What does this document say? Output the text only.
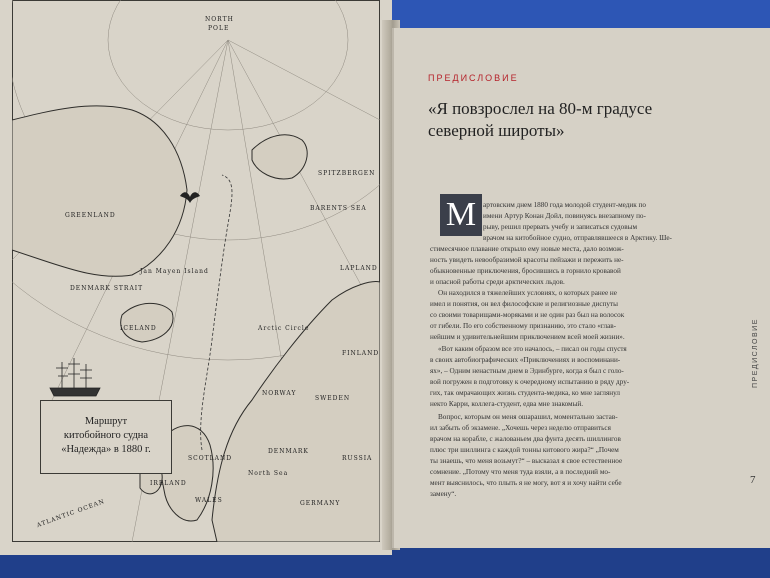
NORTH
POLE
GREENLAND
SPITZBERGEN
BARENTS SEA
LAPLAND
DENMARK STRAIT
ICELAND
Jan Mayen Island
Arctic Circle
FINLAND
NORWAY
SWEDEN
DENMARK
SCOTLAND
IRELAND
WALES
North Sea
GERMANY
RUSSIA
ATLANTIC OCEAN
Маршрут
китобойного судна
«Надежда» в 1880 г.
ПРЕДИСЛОВИЕ
«Я повзрослел на 80-м градусе
северной широты»
М артовским днем 1880 года молодой студент-медик по
имени Артур Конан Дойл, повинуясь внезапному по-
рыву, решил прервать учебу и записаться судовым
врачом на китобойное судно, отправлявшееся в Арктику. Ше-
стимесячное плавание открыло ему новые места, дало возмож-
ность увидеть невообразимой красоты пейзажи и пережить не-
обыкновенные приключения, бросившись в горнило кровавой
и опасной работы среди арктических льдов.
Он находился в тяжелейших условиях, о которых ранее не
имел и понятия, он вел философские и религиозные диспуты
со своими товарищами-моряками и не один раз был на волосок
от гибели. По его собственному признанию, это стало «глав-
нейшим и удивительнейшим приключением всей моей жизни».
«Вот каким образом все это началось, – писал он годы спустя
в своих автобиографических «Приключениях и воспоминани-
ях», – Одним ненастным днем в Эдинбурге, когда я был с голо-
вой погружен в подготовку к очередному испытанию в ряду дру-
гих, так омрачающих жизнь студента-медика, ко мне заглянул
некто Карри, коллега-студент, едва мне знакомый.
Вопрос, которым он меня ошарашил, моментально застав-
ил забыть об экзамене. „Хочешь через неделю отправиться
врачом на корабле, с жалованьем два фунта десять шиллингов
плюс три шиллинга с каждой тонны китового жира?“ „Почем
ты знаешь, что меня возьмут?“ – высказал я свое естественное
сомнение. „Потому что меня туда взяли, а в последний мо-
мент выяснилось, что плыть я не могу, вот я и хочу найти себе
замену“.
ПРЕДИСЛОВИЕ
7
